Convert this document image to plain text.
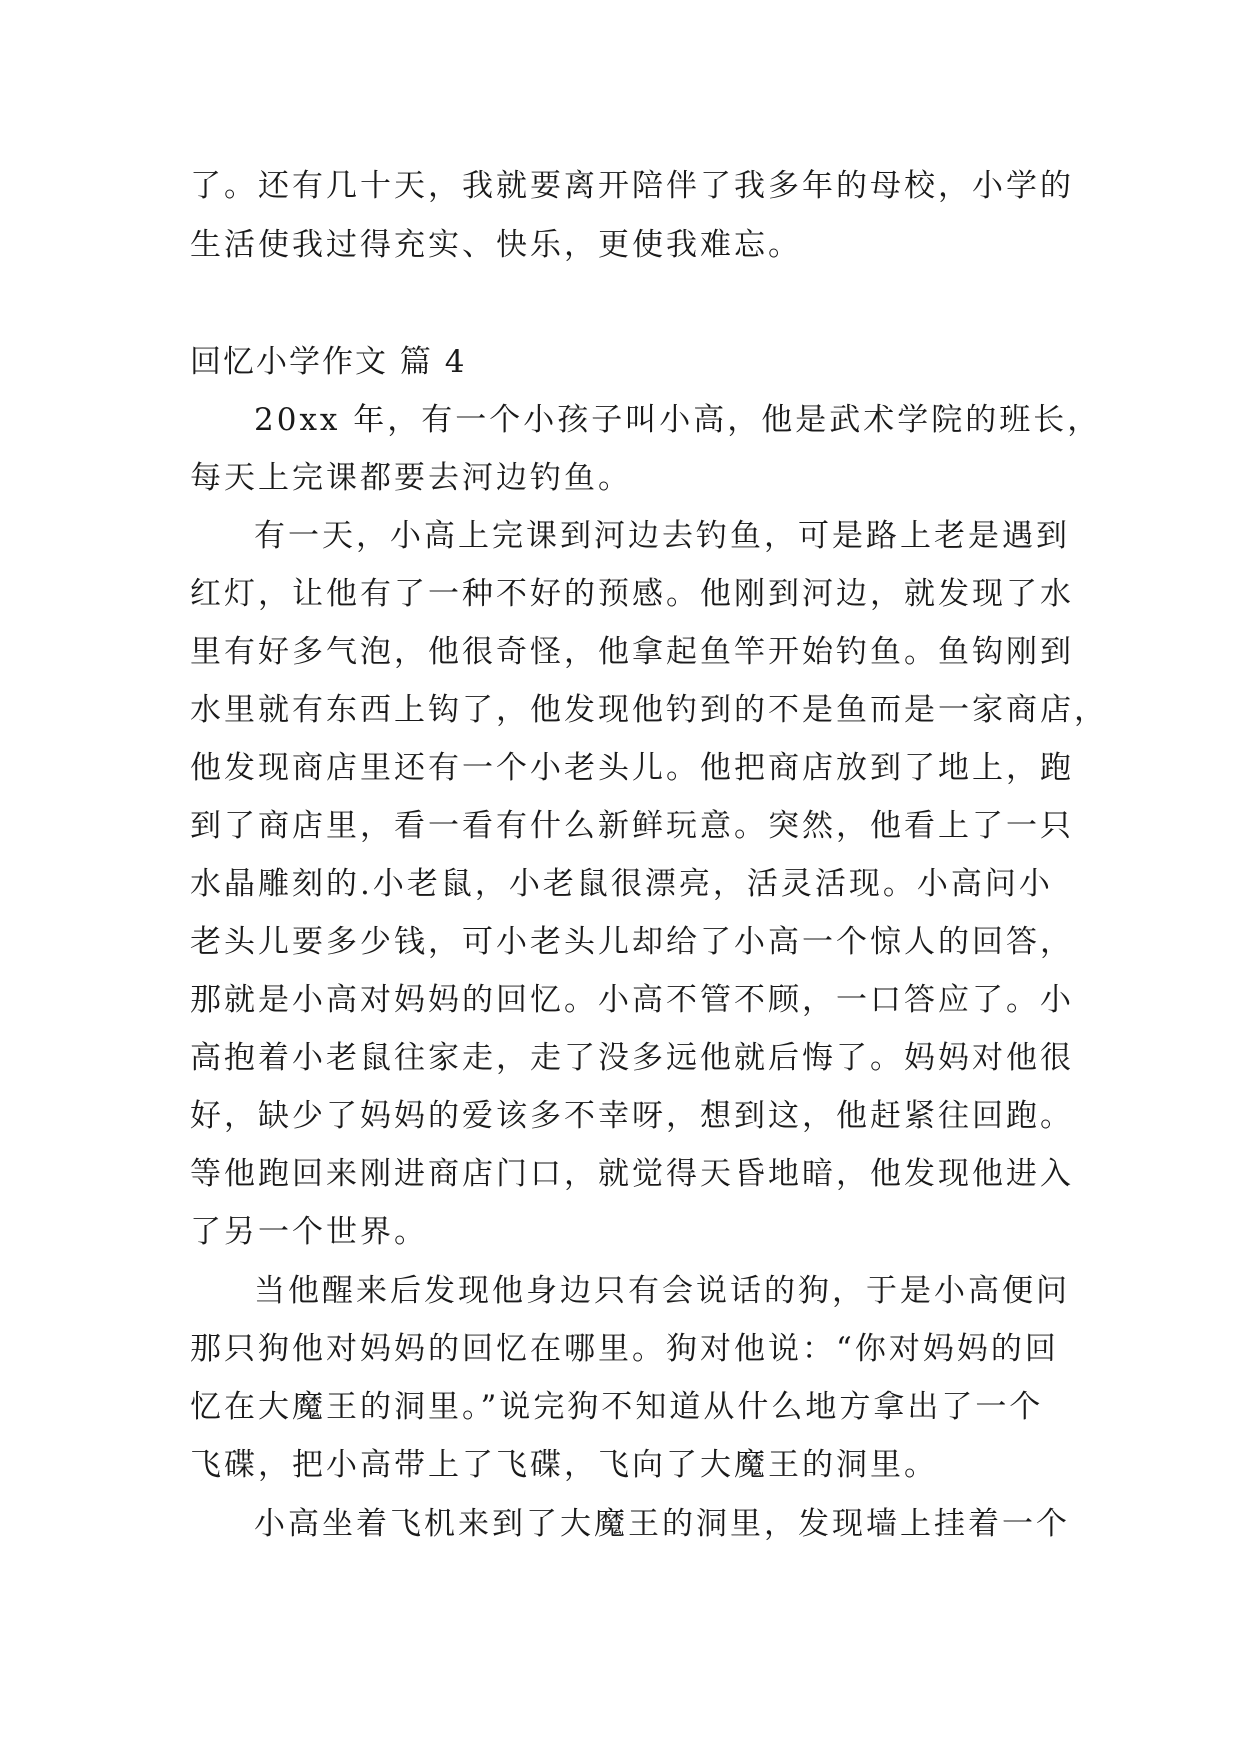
了。还有几十天，我就要离开陪伴了我多年的母校，小学的
生活使我过得充实、快乐，更使我难忘。
回忆小学作文 篇 4
20xx 年，有一个小孩子叫小高，他是武术学院的班长，
每天上完课都要去河边钓鱼。
有一天，小高上完课到河边去钓鱼，可是路上老是遇到
红灯，让他有了一种不好的预感。他刚到河边，就发现了水
里有好多气泡，他很奇怪，他拿起鱼竿开始钓鱼。鱼钩刚到
水里就有东西上钩了，他发现他钓到的不是鱼而是一家商店，
他发现商店里还有一个小老头儿。他把商店放到了地上，跑
到了商店里，看一看有什么新鲜玩意。突然，他看上了一只
水晶雕刻的.小老鼠，小老鼠很漂亮，活灵活现。小高问小
老头儿要多少钱，可小老头儿却给了小高一个惊人的回答，
那就是小高对妈妈的回忆。小高不管不顾，一口答应了。小
高抱着小老鼠往家走，走了没多远他就后悔了。妈妈对他很
好，缺少了妈妈的爱该多不幸呀，想到这，他赶紧往回跑。
等他跑回来刚进商店门口，就觉得天昏地暗，他发现他进入
了另一个世界。
当他醒来后发现他身边只有会说话的狗，于是小高便问
那只狗他对妈妈的回忆在哪里。狗对他说：“你对妈妈的回
忆在大魔王的洞里。”说完狗不知道从什么地方拿出了一个
飞碟，把小高带上了飞碟，飞向了大魔王的洞里。
小高坐着飞机来到了大魔王的洞里，发现墙上挂着一个
